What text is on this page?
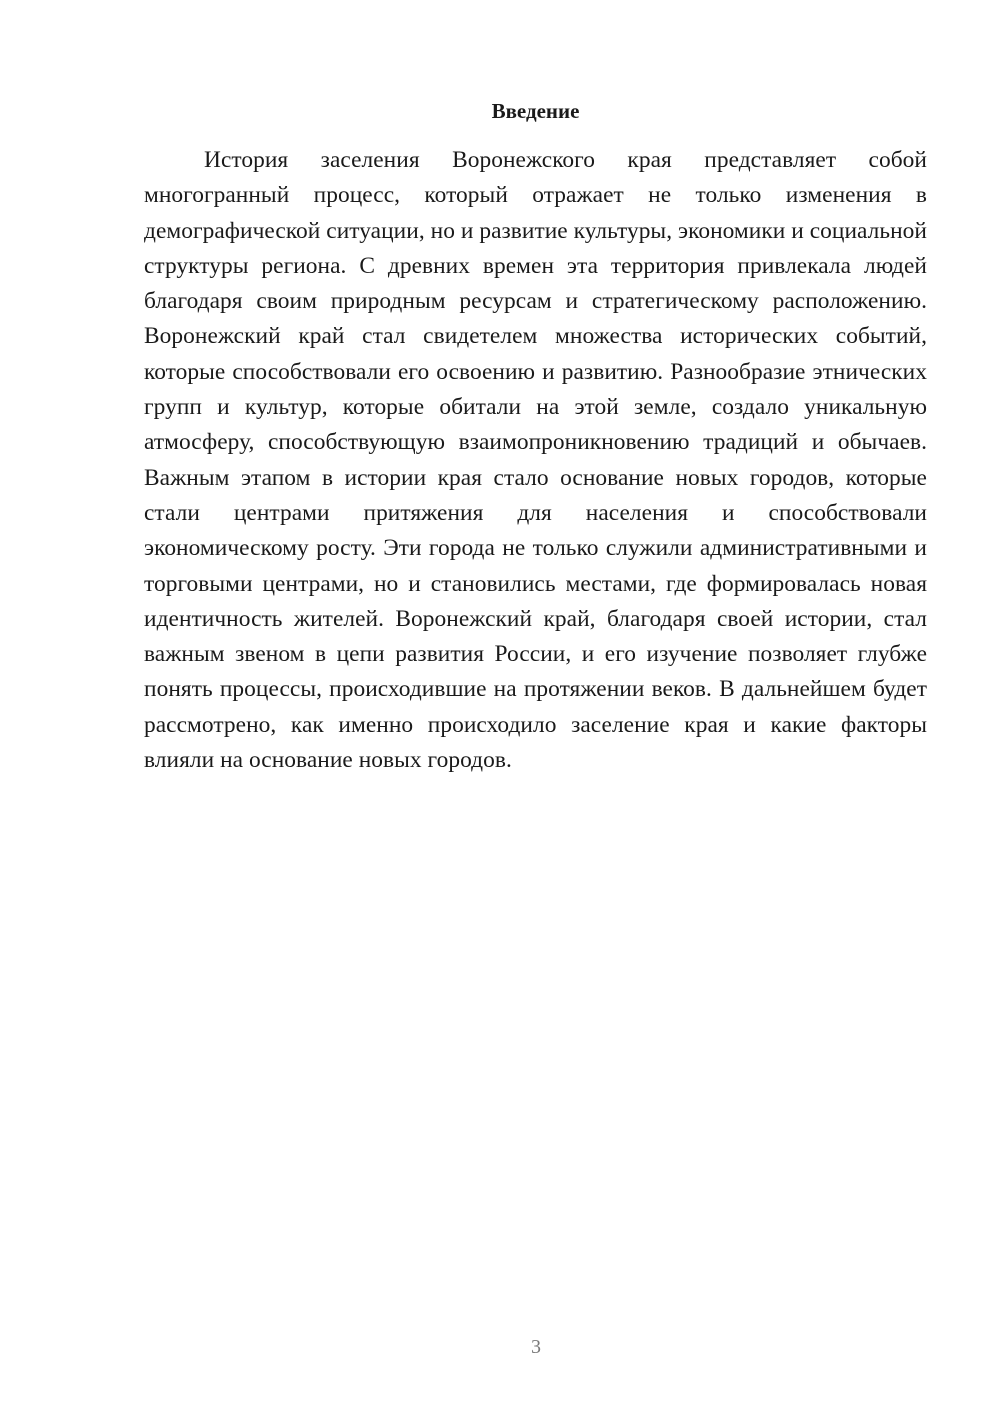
Введение

История заселения Воронежского края представляет собой многогранный процесс, который отражает не только изменения в демографической ситуации, но и развитие культуры, экономики и социальной структуры региона. С древних времен эта территория привлекала людей благодаря своим природным ресурсам и стратегическому расположению. Воронежский край стал свидетелем множества исторических событий, которые способствовали его освоению и развитию. Разнообразие этнических групп и культур, которые обитали на этой земле, создало уникальную атмосферу, способствующую взаимопроникновению традиций и обычаев. Важным этапом в истории края стало основание новых городов, которые стали центрами притяжения для населения и способствовали экономическому росту. Эти города не только служили административными и торговыми центрами, но и становились местами, где формировалась новая идентичность жителей. Воронежский край, благодаря своей истории, стал важным звеном в цепи развития России, и его изучение позволяет глубже понять процессы, происходившие на протяжении веков. В дальнейшем будет рассмотрено, как именно происходило заселение края и какие факторы влияли на основание новых городов.

3
